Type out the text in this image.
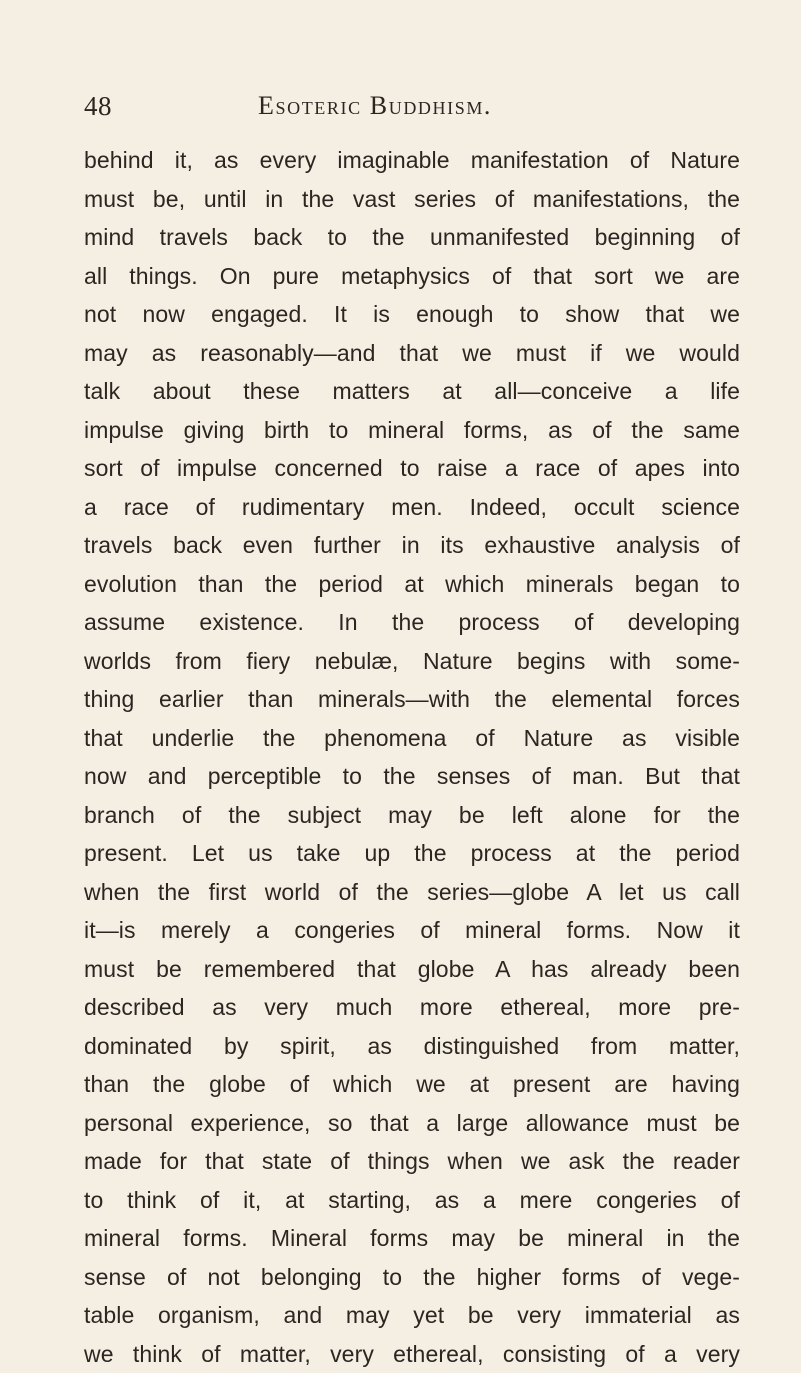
48	Esoteric Buddhism.
behind it, as every imaginable manifestation of Nature
must be, until in the vast series of manifestations, the
mind travels back to the unmanifested beginning of
all things. On pure metaphysics of that sort we are
not now engaged. It is enough to show that we
may as reasonably—and that we must if we would
talk about these matters at all—conceive a life
impulse giving birth to mineral forms, as of the same
sort of impulse concerned to raise a race of apes into
a race of rudimentary men. Indeed, occult science
travels back even further in its exhaustive analysis of
evolution than the period at which minerals began to
assume existence. In the process of developing
worlds from fiery nebulæ, Nature begins with some-
thing earlier than minerals—with the elemental forces
that underlie the phenomena of Nature as visible
now and perceptible to the senses of man. But that
branch of the subject may be left alone for the
present. Let us take up the process at the period
when the first world of the series—globe A let us call
it—is merely a congeries of mineral forms. Now it
must be remembered that globe A has already been
described as very much more ethereal, more pre-
dominated by spirit, as distinguished from matter,
than the globe of which we at present are having
personal experience, so that a large allowance must be
made for that state of things when we ask the reader
to think of it, at starting, as a mere congeries of
mineral forms. Mineral forms may be mineral in the
sense of not belonging to the higher forms of vege-
table organism, and may yet be very immaterial as
we think of matter, very ethereal, consisting of a very
